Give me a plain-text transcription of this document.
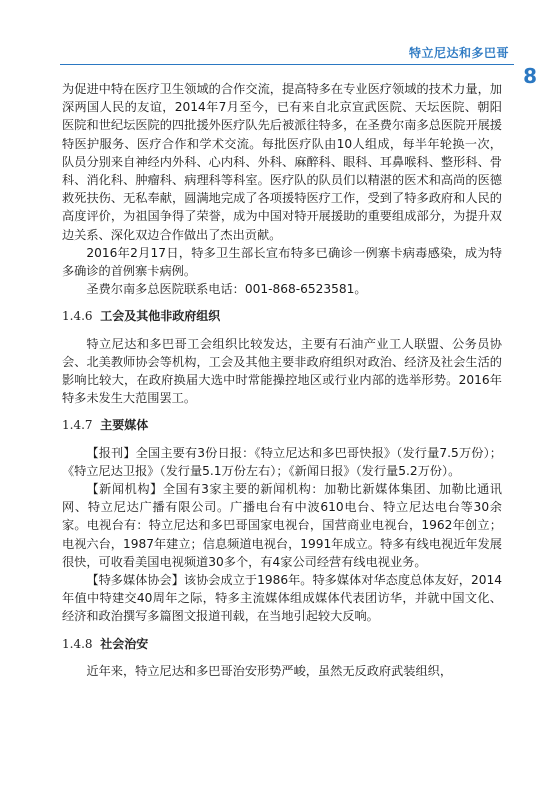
特立尼达和多巴哥
8

为促进中特在医疗卫生领域的合作交流，提高特多在专业医疗领域的技术力量，加深两国人民的友谊，2014年7月至今，已有来自北京宣武医院、天坛医院、朝阳医院和世纪坛医院的四批援外医疗队先后被派往特多，在圣费尔南多总医院开展援特医护服务、医疗合作和学术交流。每批医疗队由10人组成，每半年轮换一次，队员分别来自神经内外科、心内科、外科、麻醉科、眼科、耳鼻喉科、整形科、骨科、消化科、肿瘤科、病理科等科室。医疗队的队员们以精湛的医术和高尚的医德救死扶伤、无私奉献，圆满地完成了各项援特医疗工作，受到了特多政府和人民的高度评价，为祖国争得了荣誉，成为中国对特开展援助的重要组成部分，为提升双边关系、深化双边合作做出了杰出贡献。

2016年2月17日，特多卫生部长宣布特多已确诊一例寨卡病毒感染，成为特多确诊的首例寨卡病例。

圣费尔南多总医院联系电话：001-868-6523581。

1.4.6 工会及其他非政府组织

特立尼达和多巴哥工会组织比较发达，主要有石油产业工人联盟、公务员协会、北美教师协会等机构，工会及其他主要非政府组织对政治、经济及社会生活的影响比较大，在政府换届大选中时常能操控地区或行业内部的选举形势。2016年特多未发生大范围罢工。

1.4.7 主要媒体

【报刊】全国主要有3份日报：《特立尼达和多巴哥快报》（发行量7.5万份）；《特立尼达卫报》（发行量5.1万份左右）；《新闻日报》（发行量5.2万份）。

【新闻机构】全国有3家主要的新闻机构：加勒比新媒体集团、加勒比通讯网、特立尼达广播有限公司。广播电台有中波610电台、特立尼达电台等30余家。电视台有：特立尼达和多巴哥国家电视台，国营商业电视台，1962年创立；电视六台，1987年建立；信息频道电视台，1991年成立。特多有线电视近年发展很快，可收看美国电视频道30多个，有4家公司经营有线电视业务。

【特多媒体协会】该协会成立于1986年。特多媒体对华态度总体友好，2014年值中特建交40周年之际，特多主流媒体组成媒体代表团访华，并就中国文化、经济和政治撰写多篇图文报道刊载，在当地引起较大反响。

1.4.8 社会治安

近年来，特立尼达和多巴哥治安形势严峻，虽然无反政府武装组织，
